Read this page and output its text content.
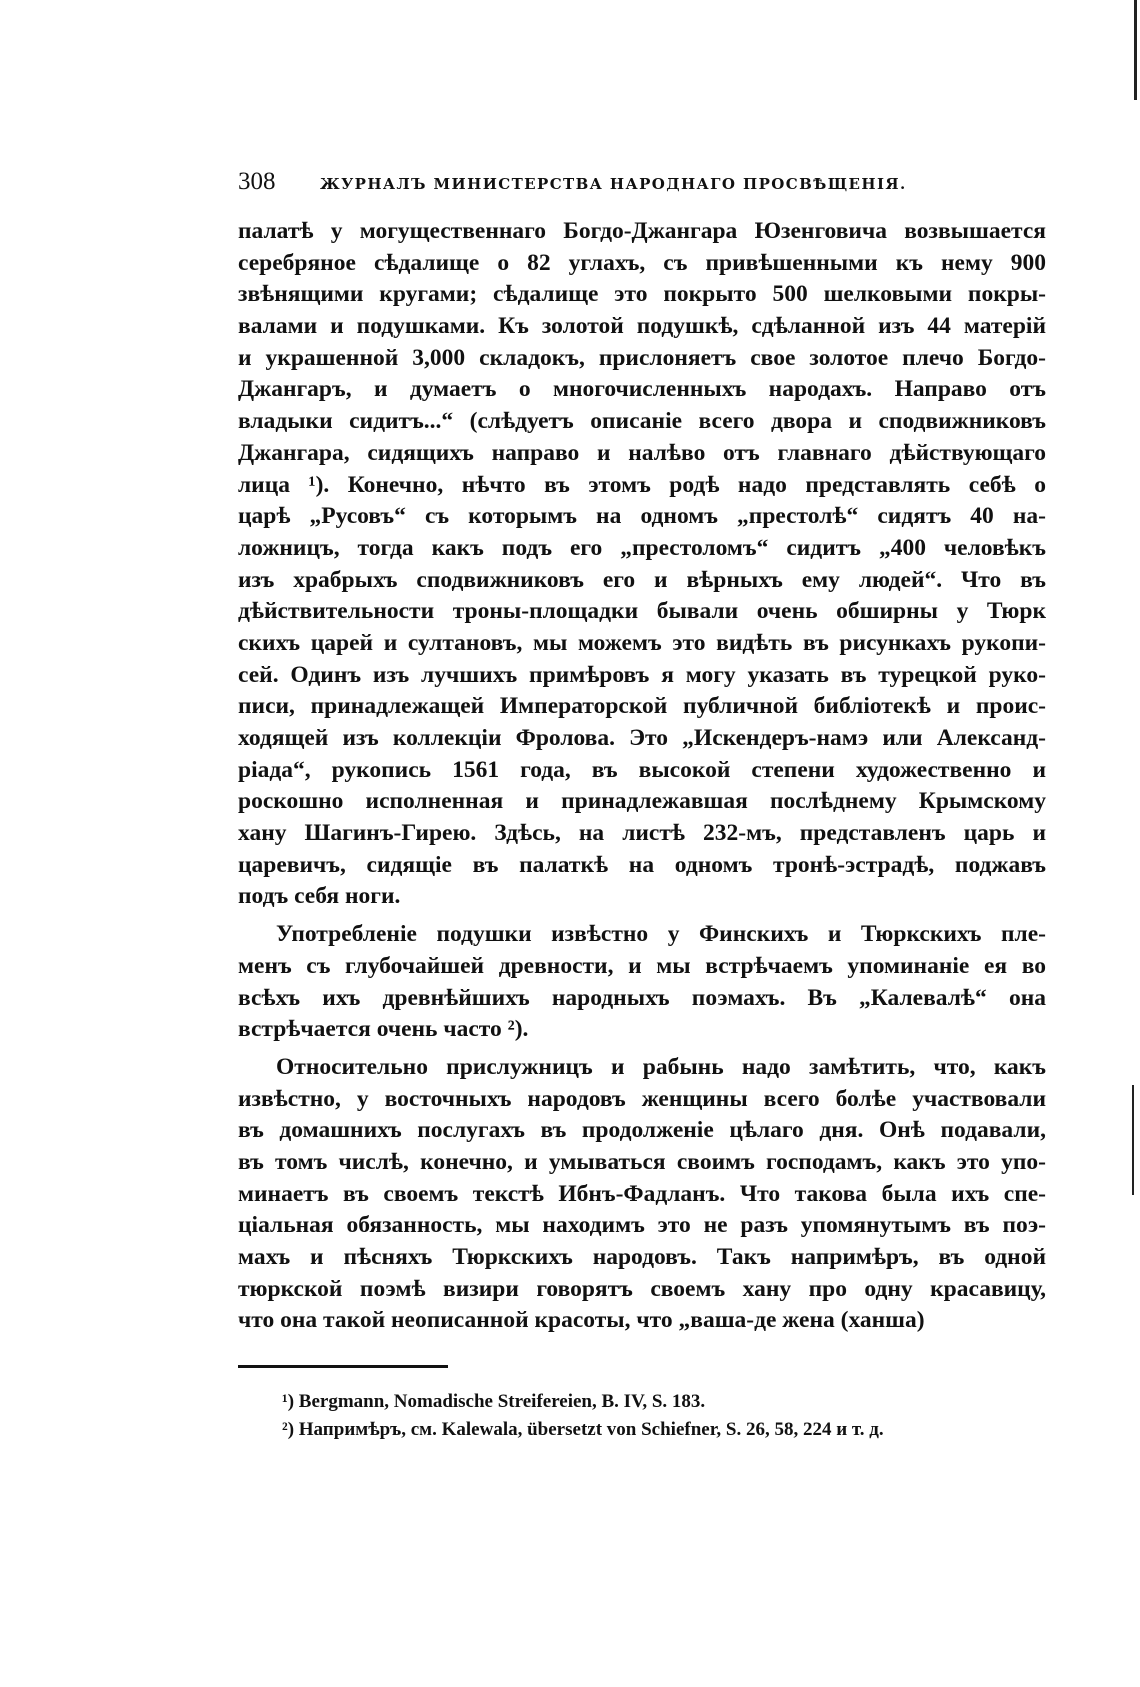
308	ЖУРНАЛЪ МИНИСТЕРСТВА НАРОДНАГО ПРОСВѢЩЕНІЯ.
палатѣ у могущественнаго Богдо-Джангара Юзенговича возвышается
серебряное сѣдалище о 82 углахъ, съ привѣшенными къ нему 900
звѣнящими кругами; сѣдалище это покрыто 500 шелковыми покры-
валами и подушками. Къ золотой подушкѣ, сдѣланной изъ 44 матерій
и украшенной 3,000 складокъ, прислоняетъ свое золотое плечо Богдо-
Джангаръ, и думаетъ о многочисленныхъ народахъ. Направо отъ
владыки сидитъ...“ (слѣдуетъ описаніе всего двора и сподвижниковъ
Джангара, сидящихъ направо и налѣво отъ главнаго дѣйствующаго
лица ¹). Конечно, нѣчто въ этомъ родѣ надо представлять себѣ о
царѣ „Русовъ“ съ которымъ на одномъ „престолѣ“ сидятъ 40 на-
ложницъ, тогда какъ подъ его „престоломъ“ сидитъ „400 человѣкъ
изъ храбрыхъ сподвижниковъ его и вѣрныхъ ему людей“. Что въ
дѣйствительности троны-площадки бывали очень обширны у Тюрк
скихъ царей и султановъ, мы можемъ это видѣть въ рисункахъ рукопи-
сей. Одинъ изъ лучшихъ примѣровъ я могу указать въ турецкой руко-
писи, принадлежащей Императорской публичной библіотекѣ и проис-
ходящей изъ коллекціи Фролова. Это „Искендеръ-намэ или Александ-
ріада“, рукопись 1561 года, въ высокой степени художественно и
роскошно исполненная и принадлежавшая послѣднему Крымскому
хану Шагинъ-Гирею. Здѣсь, на листѣ 232-мъ, представленъ царь и
царевичъ, сидящіе въ палаткѣ на одномъ тронѣ-эстрадѣ, поджавъ
подъ себя ноги.
Употребленіе подушки извѣстно у Финскихъ и Тюркскихъ пле-
менъ съ глубочайшей древности, и мы встрѣчаемъ упоминаніе ея во
всѣхъ ихъ древнѣйшихъ народныхъ поэмахъ. Въ „Калевалѣ“ она
встрѣчается очень часто ²).
Относительно прислужницъ и рабынь надо замѣтить, что, какъ
извѣстно, у восточныхъ народовъ женщины всего болѣе участвовали
въ домашнихъ послугахъ въ продолженіе цѣлаго дня. Онѣ подавали,
въ томъ числѣ, конечно, и умываться своимъ господамъ, какъ это упо-
минаетъ въ своемъ текстѣ Ибнъ-Фадланъ. Что такова была ихъ спе-
ціальная обязанность, мы находимъ это не разъ упомянутымъ въ поэ-
махъ и пѣсняхъ Тюркскихъ народовъ. Такъ напримѣръ, въ одной
тюркской поэмѣ визири говорятъ своемъ хану про одну красавицу,
что она такой неописанной красоты, что „ваша-де жена (ханша)
¹) Bergmann, Nomadische Streifereien, B. IV, S. 183.
²) Напримѣръ, см. Kalewala, übersetzt von Schiefner, S. 26, 58, 224 и т. д.
